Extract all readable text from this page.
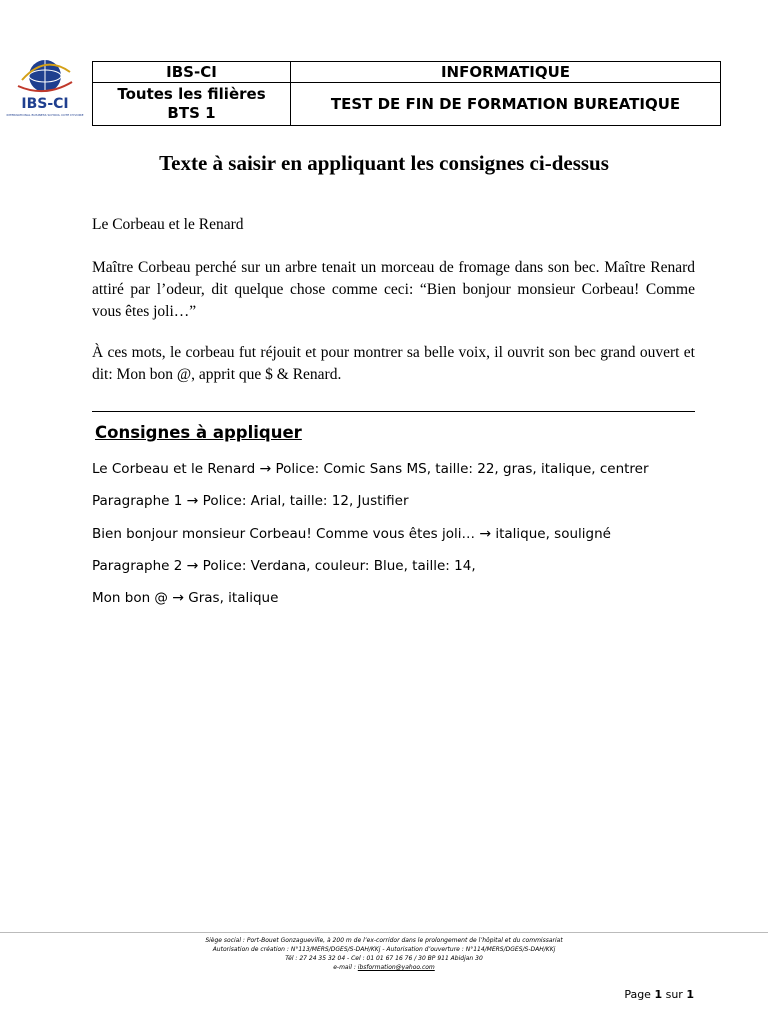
IBS-CI
INTERNATIONAL BUSINESS SCHOOL COTE D'IVOIRE
IBS-CI	INFORMATIQUE
Toutes les filières
BTS 1	TEST DE FIN DE FORMATION BUREATIQUE
Texte à saisir en appliquant les consignes ci-dessus
Le Corbeau et le Renard
Maître Corbeau perché sur un arbre tenait un morceau de fromage dans son bec. Maître Renard attiré par l’odeur, dit quelque chose comme ceci: “Bien bonjour monsieur Corbeau! Comme vous êtes joli…”
À ces mots, le corbeau fut réjouit et pour montrer sa belle voix, il ouvrit son bec grand ouvert et dit: Mon bon @, apprit que $ & Renard.
Consignes à appliquer
Le Corbeau et le Renard → Police: Comic Sans MS, taille: 22, gras, italique, centrer
Paragraphe 1 → Police: Arial, taille: 12, Justifier
Bien bonjour monsieur Corbeau! Comme vous êtes joli… → italique, souligné
Paragraphe 2 → Police: Verdana, couleur: Blue, taille: 14,
Mon bon @ → Gras, italique
Siège social : Port-Bouet Gonzagueville, à 200 m de l’ex-corridor dans le prolongement de l’hôpital et du commissariat
Autorisation de création : N°113/MERS/DGES/S-DAH/KKj - Autorisation d’ouverture : N°114/MERS/DGES/S-DAH/KKj
Tél : 27 24 35 32 04 - Cel : 01 01 67 16 76 / 30 BP 911 Abidjan 30
e-mail : ibsformation@yahoo.com
Page 1 sur 1
